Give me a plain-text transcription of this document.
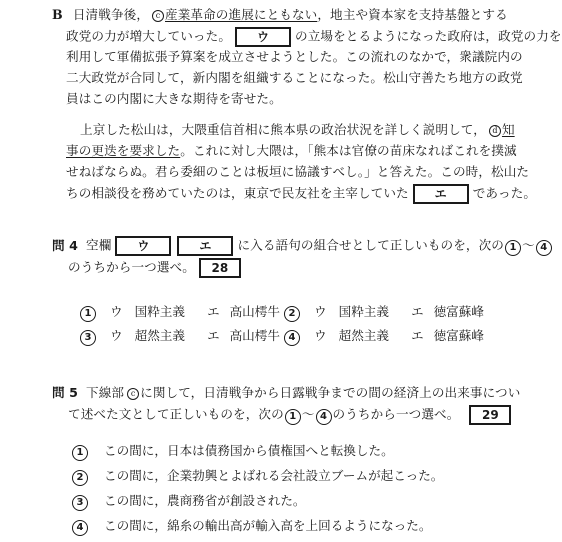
B 日清戦争後， c 産業革命の進展にともない，地主や資本家を支持基盤とする
政党の力が増大していった。 ウ の立場をとるようになった政府は，政党の力を
利用して軍備拡張予算案を成立させようとした。この流れのなかで，衆議院内の
二大政党が合同して，新内閣を組織することになった。松山守善たち地方の政党
員はこの内閣に大きな期待を寄せた。
上京した松山は，大隈重信首相に熊本県の政治状況を詳しく説明して， d 知
事の更迭を要求した。これに対し大隈は，「熊本は官僚の苗床なればこれを撲滅
せねばならぬ。君ら委細のことは板垣に協議すべし。」と答えた。この時，松山た
ちの相談役を務めていたのは，東京で民友社を主宰していた エ であった。
問 4 空欄 ウ	エ に入る語句の組合せとして正しいものを，次の 1 〜 4
のうちから一つ選べ。 28
1 ウ 国粋主義 エ 高山樗牛 2 ウ 国粋主義 エ 徳富蘇峰
3 ウ 超然主義 エ 高山樗牛 4 ウ 超然主義 エ 徳富蘇峰
問 5 下線部 c に関して，日清戦争から日露戦争までの間の経済上の出来事につい
て述べた文として正しいものを，次の 1 〜 4 のうちから一つ選べ。 29
1 この間に，日本は債務国から債権国へと転換した。
2 この間に，企業勃興とよばれる会社設立ブームが起こった。
3 この間に，農商務省が創設された。
4 この間に，綿糸の輸出高が輸入高を上回るようになった。
